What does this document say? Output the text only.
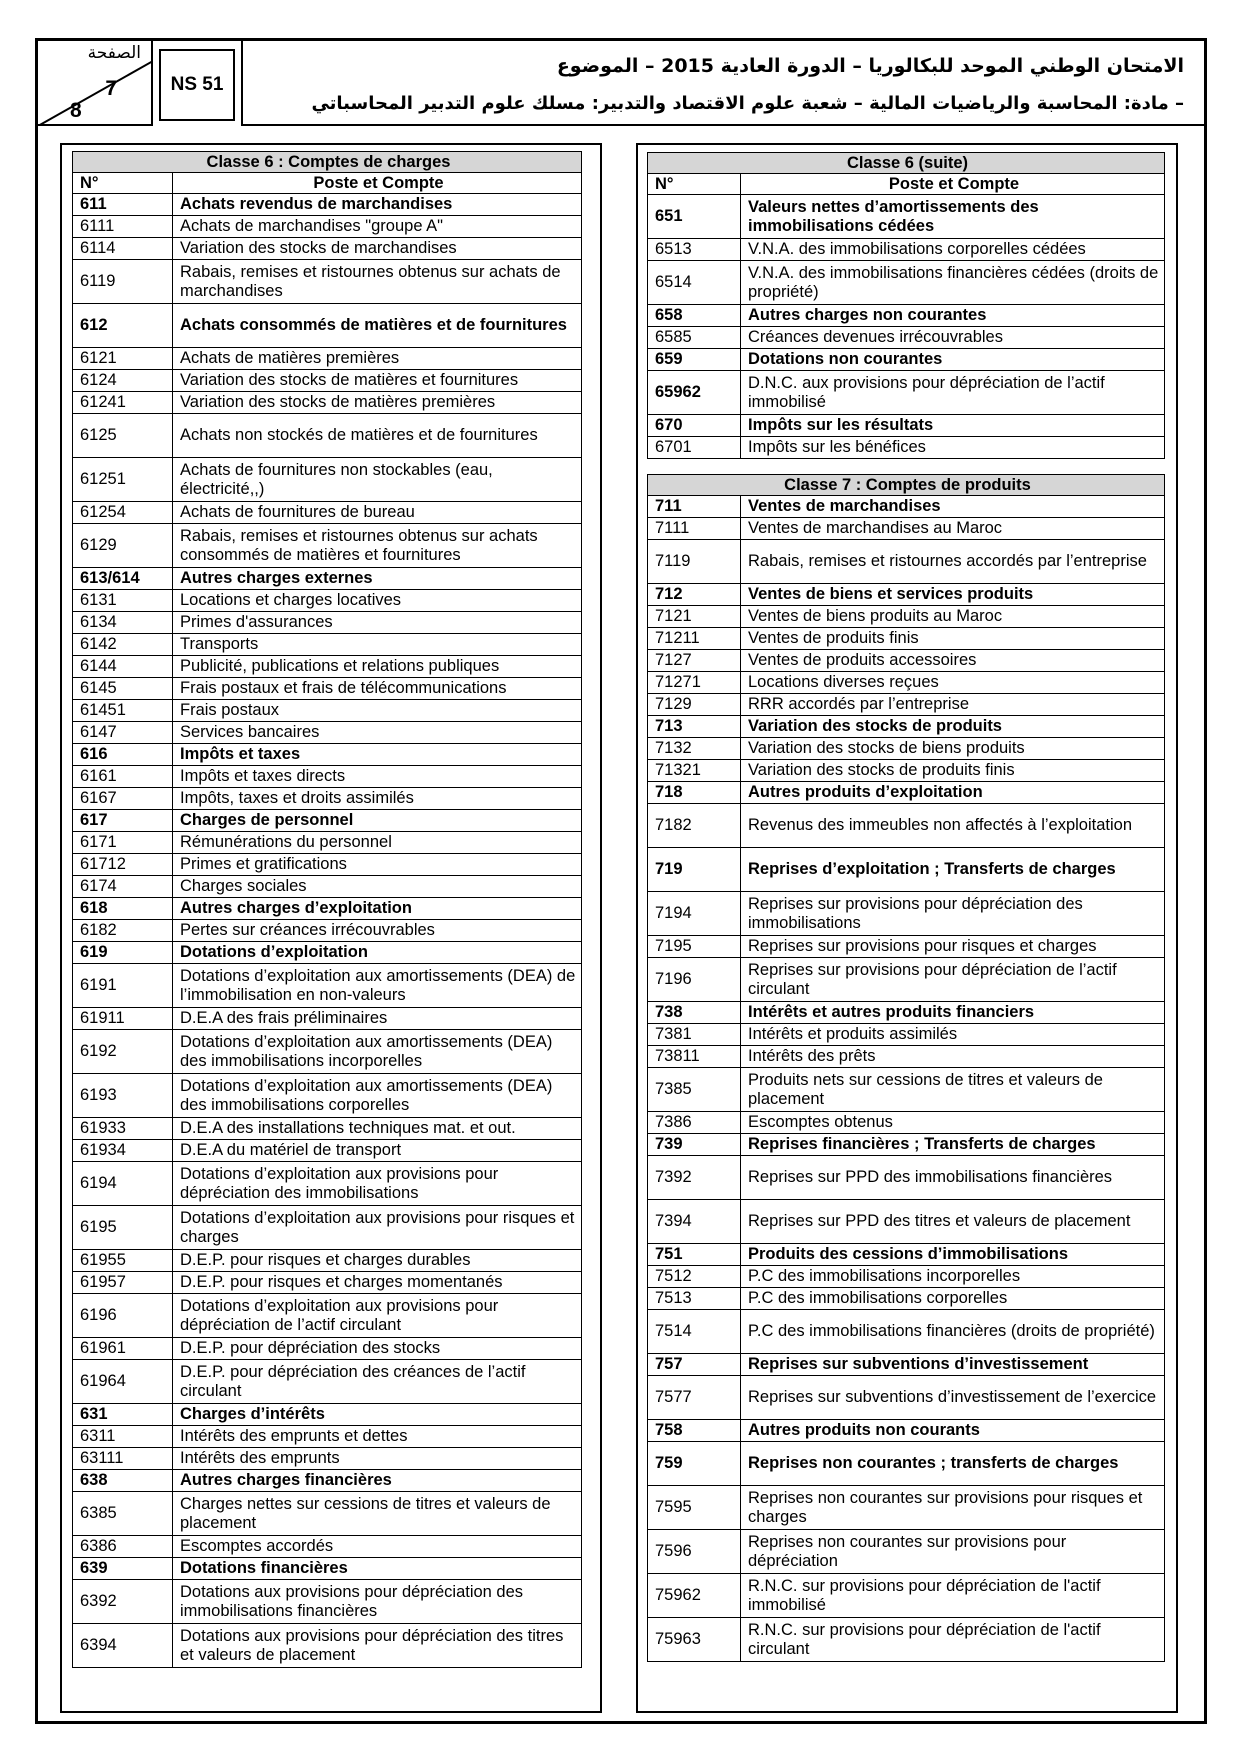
الصفحة
7
8
NS 51
الامتحان الوطني الموحد للبكالوريا – الدورة العادية 2015 – الموضوع
– مادة: المحاسبة والرياضيات المالية – شعبة علوم الاقتصاد والتدبير: مسلك علوم التدبير المحاسباتي
Classe 6 : Comptes de charges	
N°	Poste et Compte
611	Achats revendus de marchandises
6111	Achats de marchandises "groupe A"
6114	Variation des stocks de marchandises
6119	Rabais, remises et ristournes obtenus sur achats de marchandises
612	Achats consommés de matières et de fournitures
6121	Achats de matières premières
6124	Variation des stocks de matières et fournitures
61241	Variation des stocks de matières premières
6125	Achats non stockés de matières et de fournitures
61251	Achats de fournitures non stockables (eau, électricité,,)
61254	Achats de fournitures de bureau
6129	Rabais, remises et ristournes obtenus sur achats consommés de matières et fournitures
613/614	Autres charges externes
6131	Locations et charges locatives
6134	Primes d'assurances
6142	Transports
6144	Publicité, publications et relations publiques
6145	Frais postaux et frais de télécommunications
61451	Frais postaux
6147	Services bancaires
616	Impôts et taxes
6161	Impôts et taxes directs
6167	Impôts, taxes et droits assimilés
617	Charges de personnel
6171	Rémunérations du personnel
61712	Primes et gratifications
6174	Charges sociales
618	Autres charges d’exploitation
6182	Pertes sur créances irrécouvrables
619	Dotations d’exploitation
6191	Dotations d’exploitation aux amortissements (DEA) de l’immobilisation en non-valeurs
61911	D.E.A des frais préliminaires
6192	Dotations d’exploitation aux amortissements (DEA) des immobilisations incorporelles
6193	Dotations d’exploitation aux amortissements (DEA) des immobilisations corporelles
61933	D.E.A des installations techniques mat. et out.
61934	D.E.A du matériel de transport
6194	Dotations d’exploitation aux provisions pour dépréciation des immobilisations
6195	Dotations d’exploitation aux provisions pour risques et charges
61955	D.E.P. pour risques et charges durables
61957	D.E.P. pour risques et charges momentanés
6196	Dotations d’exploitation aux provisions pour dépréciation de l’actif circulant
61961	D.E.P. pour dépréciation des stocks
61964	D.E.P. pour dépréciation des créances de l’actif circulant
631	Charges d’intérêts
6311	Intérêts des emprunts et dettes
63111	Intérêts des emprunts
638	Autres charges financières
6385	Charges nettes sur cessions de titres et valeurs de placement
6386	Escomptes accordés
639	Dotations financières
6392	Dotations aux provisions pour dépréciation des immobilisations financières
6394	Dotations aux provisions pour dépréciation des titres et valeurs de placement
Classe 6 (suite)	
N°	Poste et Compte
651	Valeurs nettes d’amortissements des immobilisations cédées
6513	V.N.A. des immobilisations corporelles cédées
6514	V.N.A. des immobilisations financières cédées (droits de propriété)
658	Autres charges non courantes
6585	Créances devenues irrécouvrables
659	Dotations non courantes
65962	D.N.C. aux provisions pour dépréciation de l’actif immobilisé
670	Impôts sur les résultats
6701	Impôts sur les bénéfices
Classe 7 : Comptes de produits	
711	Ventes de marchandises
7111	Ventes de marchandises au Maroc
7119	Rabais, remises et ristournes accordés par l’entreprise
712	Ventes de biens et services produits
7121	Ventes de biens produits au Maroc
71211	Ventes de produits finis
7127	Ventes de produits accessoires
71271	Locations diverses reçues
7129	RRR accordés par l’entreprise
713	Variation des stocks de produits
7132	Variation des stocks de biens produits
71321	Variation des stocks de produits finis
718	Autres produits d’exploitation
7182	Revenus des immeubles non affectés à l’exploitation
719	Reprises d’exploitation ; Transferts de charges
7194	Reprises sur provisions pour dépréciation des immobilisations
7195	Reprises sur provisions pour risques et charges
7196	Reprises sur provisions pour dépréciation de l’actif circulant
738	Intérêts et autres produits financiers
7381	Intérêts et produits assimilés
73811	Intérêts des prêts
7385	Produits nets sur cessions de titres et valeurs de placement
7386	Escomptes obtenus
739	Reprises financières ; Transferts de charges
7392	Reprises sur PPD des immobilisations financières
7394	Reprises sur PPD des titres et valeurs de placement
751	Produits des cessions d’immobilisations
7512	P.C des immobilisations incorporelles
7513	P.C des immobilisations corporelles
7514	P.C des immobilisations financières (droits de propriété)
757	Reprises sur subventions d’investissement
7577	Reprises sur subventions d’investissement de l’exercice
758	Autres produits non courants
759	Reprises non courantes ; transferts de charges
7595	Reprises non courantes sur provisions pour risques et charges
7596	Reprises non courantes sur provisions pour dépréciation
75962	R.N.C. sur provisions pour dépréciation de l'actif immobilisé
75963	R.N.C. sur provisions pour dépréciation de l'actif circulant
